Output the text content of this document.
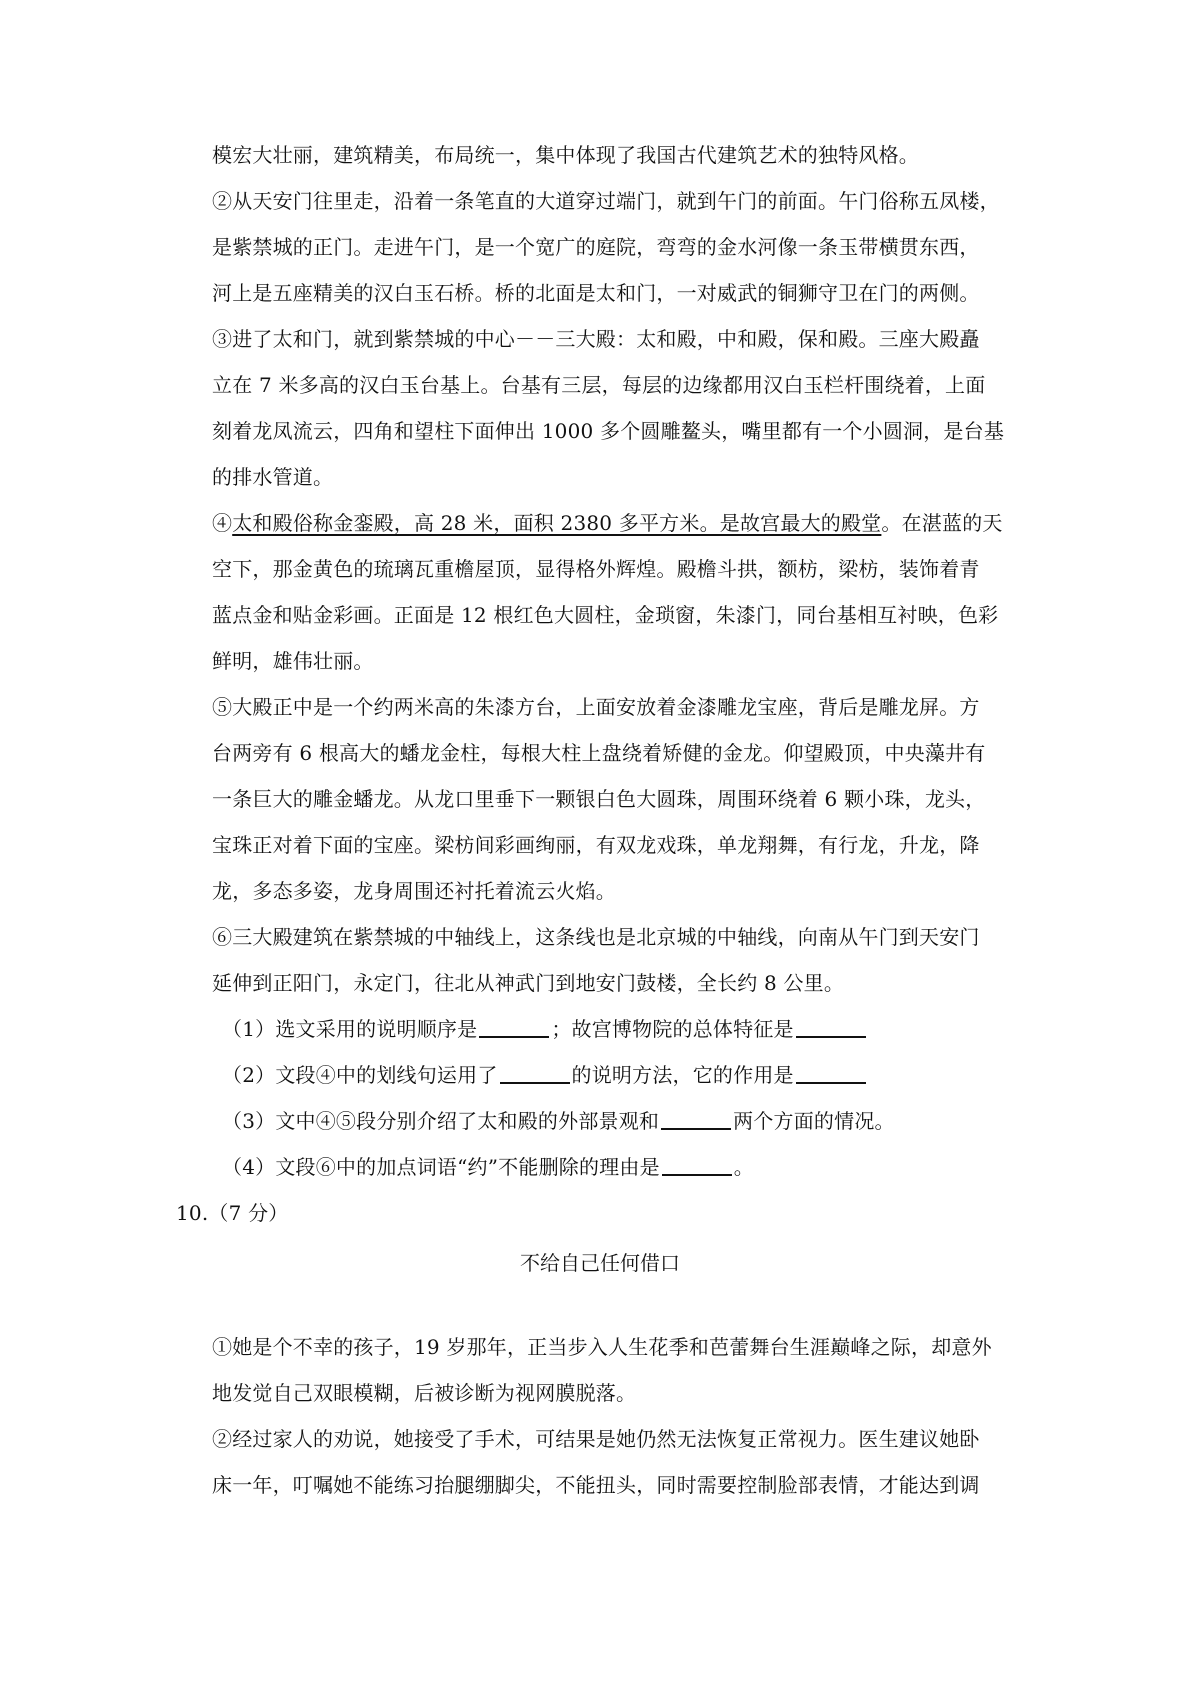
模宏大壮丽，建筑精美，布局统一，集中体现了我国古代建筑艺术的独特风格。
②从天安门往里走，沿着一条笔直的大道穿过端门，就到午门的前面。午门俗称五凤楼，
是紫禁城的正门。走进午门，是一个宽广的庭院，弯弯的金水河像一条玉带横贯东西，
河上是五座精美的汉白玉石桥。桥的北面是太和门，一对威武的铜狮守卫在门的两侧。
③进了太和门，就到紫禁城的中心－－三大殿：太和殿，中和殿，保和殿。三座大殿矗
立在 7 米多高的汉白玉台基上。台基有三层，每层的边缘都用汉白玉栏杆围绕着，上面
刻着龙凤流云，四角和望柱下面伸出 1000 多个圆雕鳌头，嘴里都有一个小圆洞，是台基
的排水管道。
④太和殿俗称金銮殿，高 28 米，面积 2380 多平方米。是故宫最大的殿堂。在湛蓝的天
空下，那金黄色的琉璃瓦重檐屋顶，显得格外辉煌。殿檐斗拱，额枋，梁枋，装饰着青
蓝点金和贴金彩画。正面是 12 根红色大圆柱，金琐窗，朱漆门，同台基相互衬映，色彩
鲜明，雄伟壮丽。
⑤大殿正中是一个约两米高的朱漆方台，上面安放着金漆雕龙宝座，背后是雕龙屏。方
台两旁有 6 根高大的蟠龙金柱，每根大柱上盘绕着矫健的金龙。仰望殿顶，中央藻井有
一条巨大的雕金蟠龙。从龙口里垂下一颗银白色大圆珠，周围环绕着 6 颗小珠，龙头，
宝珠正对着下面的宝座。梁枋间彩画绚丽，有双龙戏珠，单龙翔舞，有行龙，升龙，降
龙，多态多姿，龙身周围还衬托着流云火焰。
⑥三大殿建筑在紫禁城的中轴线上，这条线也是北京城的中轴线，向南从午门到天安门
延伸到正阳门，永定门，往北从神武门到地安门鼓楼，全长约 8 公里。
（1）选文采用的说明顺序是	；故宫博物院的总体特征是
（2）文段④中的划线句运用了	的说明方法，它的作用是
（3）文中④⑤段分别介绍了太和殿的外部景观和	两个方面的情况。
（4）文段⑥中的加点词语“约”不能删除的理由是	。
10.（7 分）
不给自己任何借口
①她是个不幸的孩子，19 岁那年，正当步入人生花季和芭蕾舞台生涯巅峰之际，却意外
地发觉自己双眼模糊，后被诊断为视网膜脱落。
②经过家人的劝说，她接受了手术，可结果是她仍然无法恢复正常视力。医生建议她卧
床一年，叮嘱她不能练习抬腿绷脚尖，不能扭头，同时需要控制脸部表情，才能达到调
